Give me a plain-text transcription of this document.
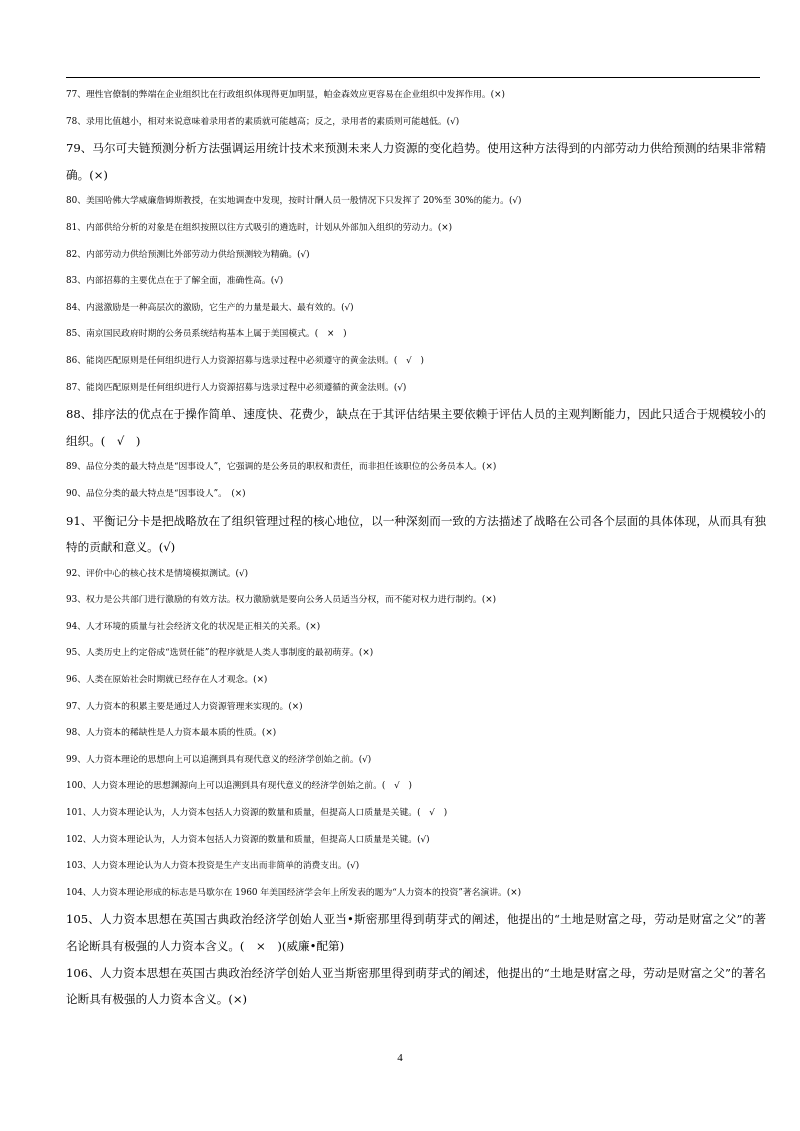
77、理性官僚制的弊端在企业组织比在行政组织体现得更加明显，帕金森效应更容易在企业组织中发挥作用。(×)
78、录用比值越小，相对来说意味着录用者的素质就可能越高；反之，录用者的素质则可能越低。(√)
79、马尔可夫链预测分析方法强调运用统计技术来预测未来人力资源的变化趋势。使用这种方法得到的内部劳动力供给预测的结果非常精确。(×)
80、美国哈佛大学威廉詹姆斯教授，在实地调查中发现，按时计酬人员一般情况下只发挥了 20%至 30%的能力。(√)
81、内部供给分析的对象是在组织按照以往方式吸引的遴选时，计划从外部加入组织的劳动力。(×)
82、内部劳动力供给预测比外部劳动力供给预测较为精确。(√)
83、内部招募的主要优点在于了解全面，准确性高。(√)
84、内滋激励是一种高层次的激励，它生产的力量是最大、最有效的。(√)
85、南京国民政府时期的公务员系统结构基本上属于美国模式。(　×　)
86、能岗匹配原则是任何组织进行人力资源招募与选录过程中必须遵守的黄金法则。(　√　)
87、能岗匹配原则是任何组织进行人力资源招募与选录过程中必须遵循的黄金法则。(√)
88、排序法的优点在于操作简单、速度快、花费少，缺点在于其评估结果主要依赖于评估人员的主观判断能力，因此只适合于规模较小的组织。(　√　)
89、品位分类的最大特点是“因事设人”，它强调的是公务员的职权和责任，而非担任该职位的公务员本人。(×)
90、品位分类的最大特点是“因事设人”。　(×)
91、平衡记分卡是把战略放在了组织管理过程的核心地位，以一种深刻而一致的方法描述了战略在公司各个层面的具体体现，从而具有独特的贡献和意义。(√)
92、评价中心的核心技术是情境模拟测试。(√)
93、权力是公共部门进行激励的有效方法。权力激励就是要向公务人员适当分权，而不能对权力进行制约。(×)
94、人才环境的质量与社会经济文化的状况是正相关的关系。(×)
95、人类历史上约定俗成“选贤任能”的程序就是人类人事制度的最初萌芽。(×)
96、人类在原始社会时期就已经存在人才观念。(×)
97、人力资本的积累主要是通过人力资源管理来实现的。(×)
98、人力资本的稀缺性是人力资本最本质的性质。(×)
99、人力资本理论的思想向上可以追溯到具有现代意义的经济学创始之前。(√)
100、人力资本理论的思想渊源向上可以追溯到具有现代意义的经济学创始之前。(　√　)
101、人力资本理论认为，人力资本包括人力资源的数量和质量，但提高人口质量是关键。(　√　)
102、人力资本理论认为，人力资本包括人力资源的数量和质量，但提高人口质量是关键。(√)
103、人力资本理论认为人力资本投资是生产支出而非简单的消费支出。(√)
104、人力资本理论形成的标志是马歇尔在 1960 年美国经济学会年上所发表的题为“人力资本的投资”著名演讲。(×)
105、人力资本思想在英国古典政治经济学创始人亚当•斯密那里得到萌芽式的阐述，他提出的“土地是财富之母，劳动是财富之父”的著名论断具有极强的人力资本含义。(　×　)(威廉•配第)
106、人力资本思想在英国古典政治经济学创始人亚当斯密那里得到萌芽式的阐述，他提出的“土地是财富之母，劳动是财富之父”的著名论断具有极强的人力资本含义。(×)
4
